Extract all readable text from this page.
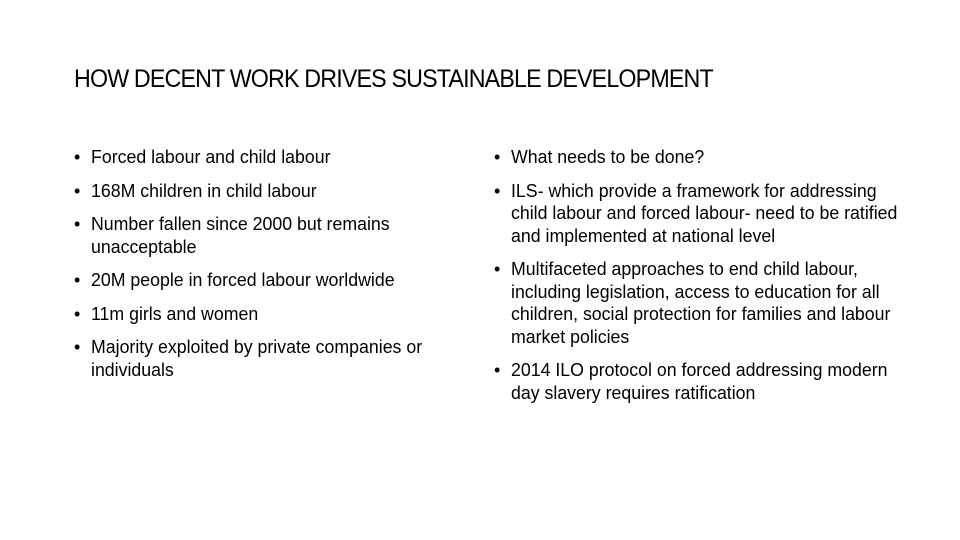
HOW DECENT WORK DRIVES SUSTAINABLE DEVELOPMENT
• Forced labour and child labour
• 168M children in child labour
• Number fallen since 2000 but remains unacceptable
• 20M people in forced labour worldwide
• 11m girls and women
• Majority exploited by private companies or individuals
• What needs to be done?
• ILS- which provide a framework for addressing child labour and forced labour- need to be ratified and implemented at national level
• Multifaceted approaches to end child labour, including legislation, access to education for all children, social protection for families and labour market policies
• 2014 ILO protocol on forced addressing modern day slavery requires ratification
